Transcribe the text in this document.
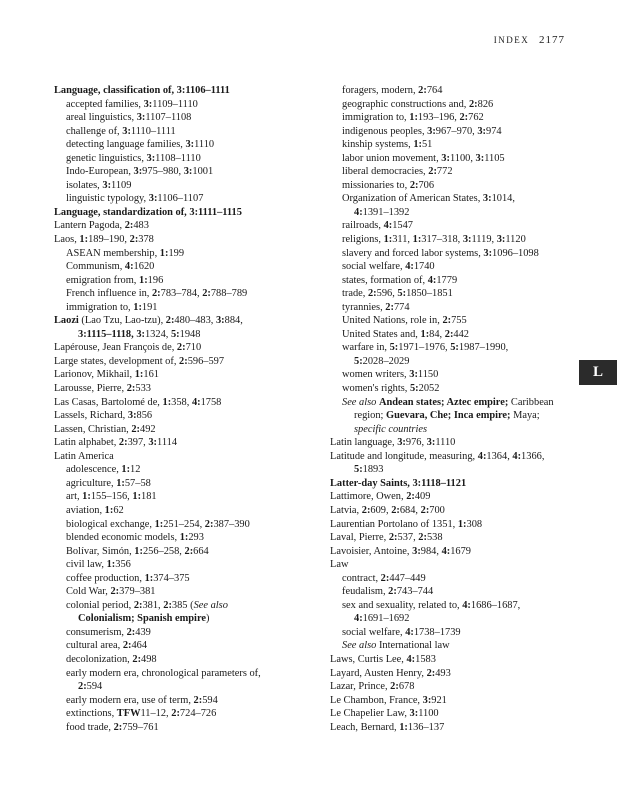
INDEX 2177
Language, classification of, 3:1106–1111
accepted families, 3:1109–1110
areal linguistics, 3:1107–1108
challenge of, 3:1110–1111
detecting language families, 3:1110
genetic linguistics, 3:1108–1110
Indo-European, 3:975–980, 3:1001
isolates, 3:1109
linguistic typology, 3:1106–1107
Language, standardization of, 3:1111–1115
Lantern Pagoda, 2:483
Laos, 1:189–190, 2:378
ASEAN membership, 1:199
Communism, 4:1620
emigration from, 1:196
French influence in, 2:783–784, 2:788–789
immigration to, 1:191
Laozi (Lao Tzu, Lao-tzu), 2:480–483, 3:884,
3:1115–1118, 3:1324, 5:1948
Lapérouse, Jean François de, 2:710
Large states, development of, 2:596–597
Larionov, Mikhail, 1:161
Larousse, Pierre, 2:533
Las Casas, Bartolomé de, 1:358, 4:1758
Lassels, Richard, 3:856
Lassen, Christian, 2:492
Latin alphabet, 2:397, 3:1114
Latin America
adolescence, 1:12
agriculture, 1:57–58
art, 1:155–156, 1:181
aviation, 1:62
biological exchange, 1:251–254, 2:387–390
blended economic models, 1:293
Bolívar, Simón, 1:256–258, 2:664
civil law, 1:356
coffee production, 1:374–375
Cold War, 2:379–381
colonial period, 2:381, 2:385 (See also
Colonialism; Spanish empire)
consumerism, 2:439
cultural area, 2:464
decolonization, 2:498
early modern era, chronological parameters of,
2:594
early modern era, use of term, 2:594
extinctions, TFW11–12, 2:724–726
food trade, 2:759–761
foragers, modern, 2:764
geographic constructions and, 2:826
immigration to, 1:193–196, 2:762
indigenous peoples, 3:967–970, 3:974
kinship systems, 1:51
labor union movement, 3:1100, 3:1105
liberal democracies, 2:772
missionaries to, 2:706
Organization of American States, 3:1014,
4:1391–1392
railroads, 4:1547
religions, 1:311, 1:317–318, 3:1119, 3:1120
slavery and forced labor systems, 3:1096–1098
social welfare, 4:1740
states, formation of, 4:1779
trade, 2:596, 5:1850–1851
tyrannies, 2:774
United Nations, role in, 2:755
United States and, 1:84, 2:442
warfare in, 5:1971–1976, 5:1987–1990,
5:2028–2029
women writers, 3:1150
women's rights, 5:2052
See also Andean states; Aztec empire; Caribbean
region; Guevara, Che; Inca empire; Maya;
specific countries
Latin language, 3:976, 3:1110
Latitude and longitude, measuring, 4:1364, 4:1366,
5:1893
Latter-day Saints, 3:1118–1121
Lattimore, Owen, 2:409
Latvia, 2:609, 2:684, 2:700
Laurentian Portolano of 1351, 1:308
Laval, Pierre, 2:537, 2:538
Lavoisier, Antoine, 3:984, 4:1679
Law
contract, 2:447–449
feudalism, 2:743–744
sex and sexuality, related to, 4:1686–1687,
4:1691–1692
social welfare, 4:1738–1739
See also International law
Laws, Curtis Lee, 4:1583
Layard, Austen Henry, 2:493
Lazar, Prince, 2:678
Le Chambon, France, 3:921
Le Chapelier Law, 3:1100
Leach, Bernard, 1:136–137
L
